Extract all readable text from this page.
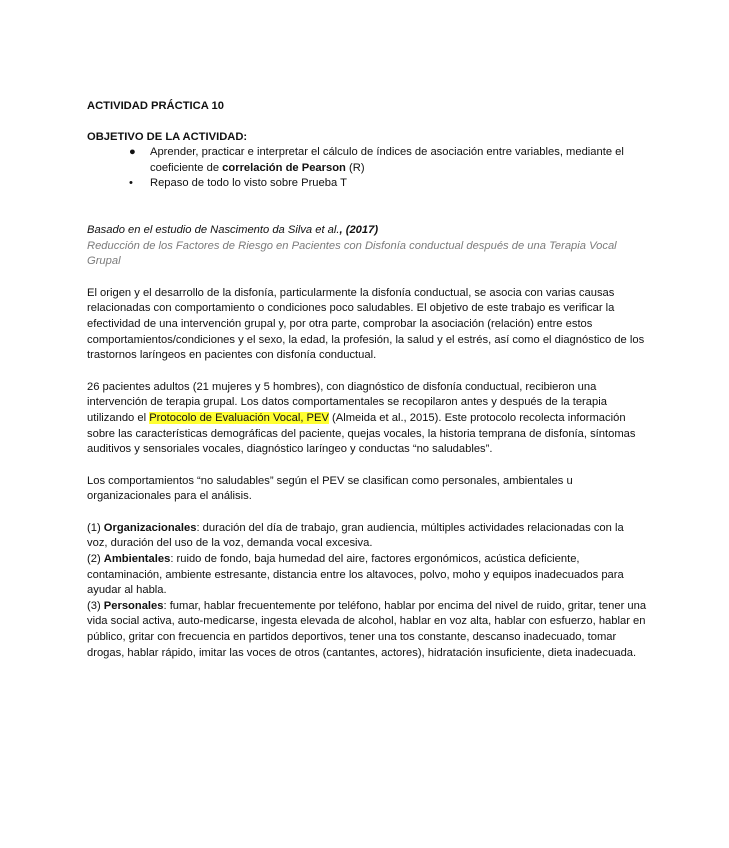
ACTIVIDAD PRÁCTICA 10
OBJETIVO DE LA ACTIVIDAD:
● Aprender, practicar e interpretar el cálculo de índices de asociación entre variables, mediante el coeficiente de correlación de Pearson (R)
• Repaso de todo lo visto sobre Prueba T
Basado en el estudio de Nascimento da Silva et al., (2017)
Reducción de los Factores de Riesgo en Pacientes con Disfonía conductual después de una Terapia Vocal Grupal

El origen y el desarrollo de la disfonía, particularmente la disfonía conductual, se asocia con varias causas relacionadas con comportamiento o condiciones poco saludables. El objetivo de este trabajo es verificar la efectividad de una intervención grupal y, por otra parte, comprobar la asociación (relación) entre estos comportamientos/condiciones y el sexo, la edad, la profesión, la salud y el estrés, así como el diagnóstico de los trastornos laríngeos en pacientes con disfonía conductual.

26 pacientes adultos (21 mujeres y 5 hombres), con diagnóstico de disfonía conductual, recibieron una intervención de terapia grupal. Los datos comportamentales se recopilaron antes y después de la terapia utilizando el Protocolo de Evaluación Vocal, PEV (Almeida et al., 2015). Este protocolo recolecta información sobre las características demográficas del paciente, quejas vocales, la historia temprana de disfonía, síntomas auditivos y sensoriales vocales, diagnóstico laríngeo y conductas “no saludables”.

Los comportamientos “no saludables” según el PEV se clasifican como personales, ambientales u organizacionales para el análisis.

(1) Organizacionales: duración del día de trabajo, gran audiencia, múltiples actividades relacionadas con la voz, duración del uso de la voz, demanda vocal excesiva.

(2) Ambientales: ruido de fondo, baja humedad del aire, factores ergonómicos, acústica deficiente, contaminación, ambiente estresante, distancia entre los altavoces, polvo, moho y equipos inadecuados para ayudar al habla.

(3) Personales: fumar, hablar frecuentemente por teléfono, hablar por encima del nivel de ruido, gritar, tener una vida social activa, auto-medicarse, ingesta elevada de alcohol, hablar en voz alta, hablar con esfuerzo, hablar en público, gritar con frecuencia en partidos deportivos, tener una tos constante, descanso inadecuado, tomar drogas, hablar rápido, imitar las voces de otros (cantantes, actores), hidratación insuficiente, dieta inadecuada.
